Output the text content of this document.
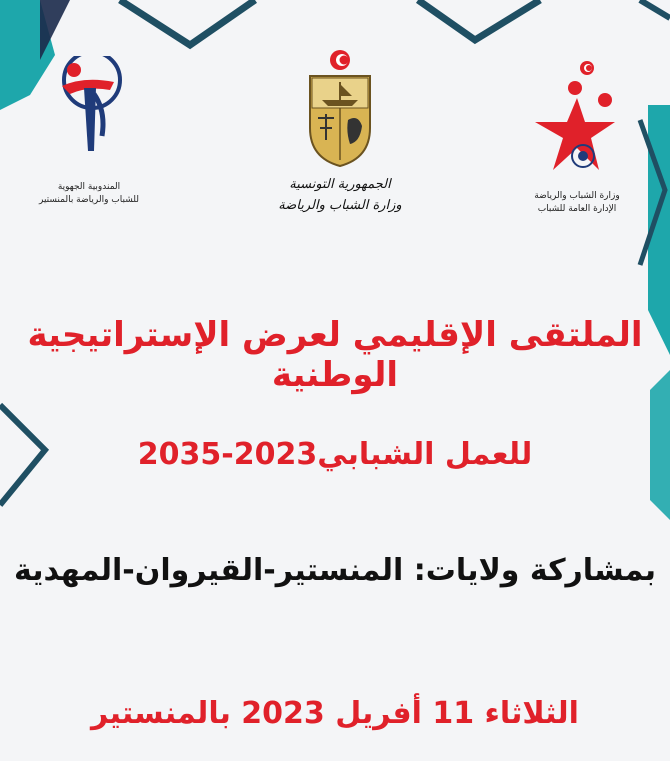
المندوبية الجهوية
للشباب والرياضة بالمنستير
الجمهورية التونسية
وزارة الشباب والرياضة
وزارة الشباب والرياضة
الإدارة العامة للشباب
الملتقى الإقليمي لعرض الإستراتيجية الوطنية
للعمل الشبابي2023-2035
بمشاركة ولايات: المنستير-القيروان-المهدية
الثلاثاء 11 أفريل 2023 بالمنستير
